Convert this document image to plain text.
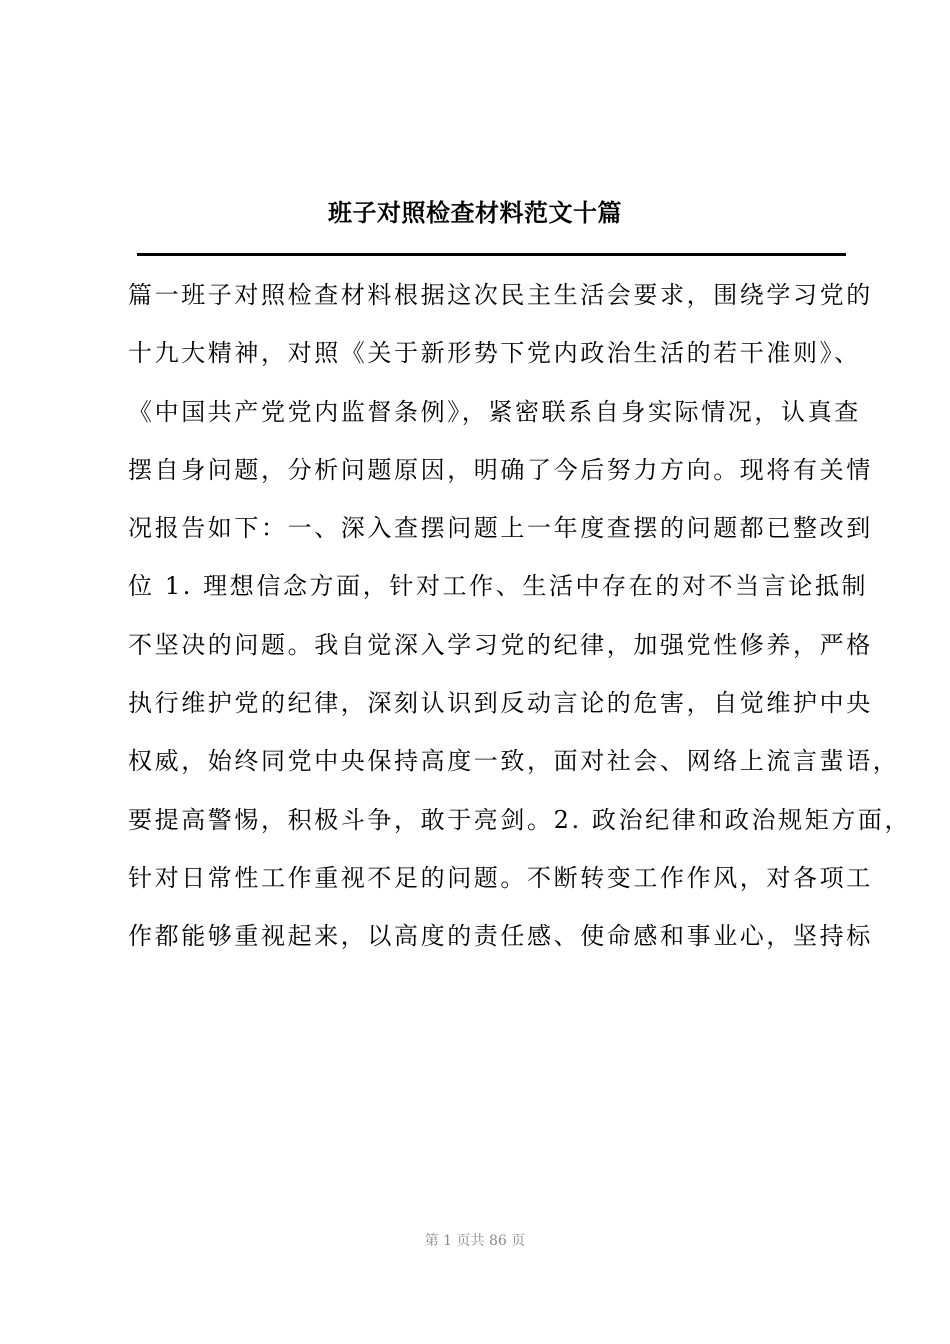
班子对照检查材料范文十篇
篇一班子对照检查材料根据这次民主生活会要求，围绕学习党的
十九大精神，对照《关于新形势下党内政治生活的若干准则》、
《中国共产党党内监督条例》，紧密联系自身实际情况，认真查
摆自身问题，分析问题原因，明确了今后努力方向。现将有关情
况报告如下：一、深入查摆问题上一年度查摆的问题都已整改到
位 1. 理想信念方面，针对工作、生活中存在的对不当言论抵制
不坚决的问题。我自觉深入学习党的纪律，加强党性修养，严格
执行维护党的纪律，深刻认识到反动言论的危害，自觉维护中央
权威，始终同党中央保持高度一致，面对社会、网络上流言蜚语，
要提高警惕，积极斗争，敢于亮剑。2. 政治纪律和政治规矩方面，
针对日常性工作重视不足的问题。不断转变工作作风，对各项工
作都能够重视起来，以高度的责任感、使命感和事业心，坚持标
第 1 页共 86 页
